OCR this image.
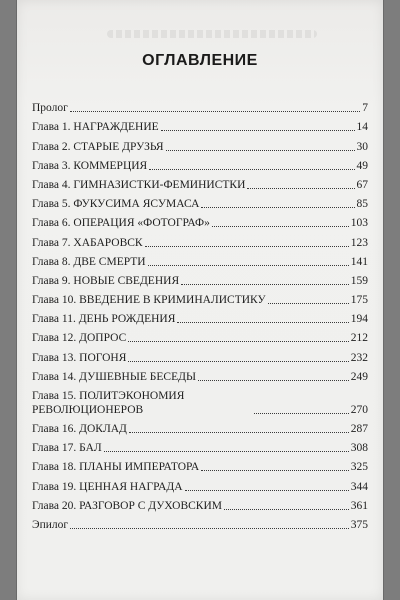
ОГЛАВЛЕНИЕ
Пролог	7
Глава 1. НАГРАЖДЕНИЕ	14
Глава 2. СТАРЫЕ ДРУЗЬЯ	30
Глава 3. КОММЕРЦИЯ	49
Глава 4. ГИМНАЗИСТКИ-ФЕМИНИСТКИ	67
Глава 5. ФУКУСИМА ЯСУМАСА	85
Глава 6. ОПЕРАЦИЯ «ФОТОГРАФ»	103
Глава 7. ХАБАРОВСК	123
Глава 8. ДВЕ СМЕРТИ	141
Глава 9. НОВЫЕ СВЕДЕНИЯ	159
Глава 10. ВВЕДЕНИЕ В КРИМИНАЛИСТИКУ	175
Глава 11. ДЕНЬ РОЖДЕНИЯ	194
Глава 12. ДОПРОС	212
Глава 13. ПОГОНЯ	232
Глава 14. ДУШЕВНЫЕ БЕСЕДЫ	249
Глава 15. ПОЛИТЭКОНОМИЯ РЕВОЛЮЦИОНЕРОВ	270
Глава 16. ДОКЛАД	287
Глава 17. БАЛ	308
Глава 18. ПЛАНЫ ИМПЕРАТОРА	325
Глава 19. ЦЕННАЯ НАГРАДА	344
Глава 20. РАЗГОВОР С ДУХОВСКИМ	361
Эпилог	375
